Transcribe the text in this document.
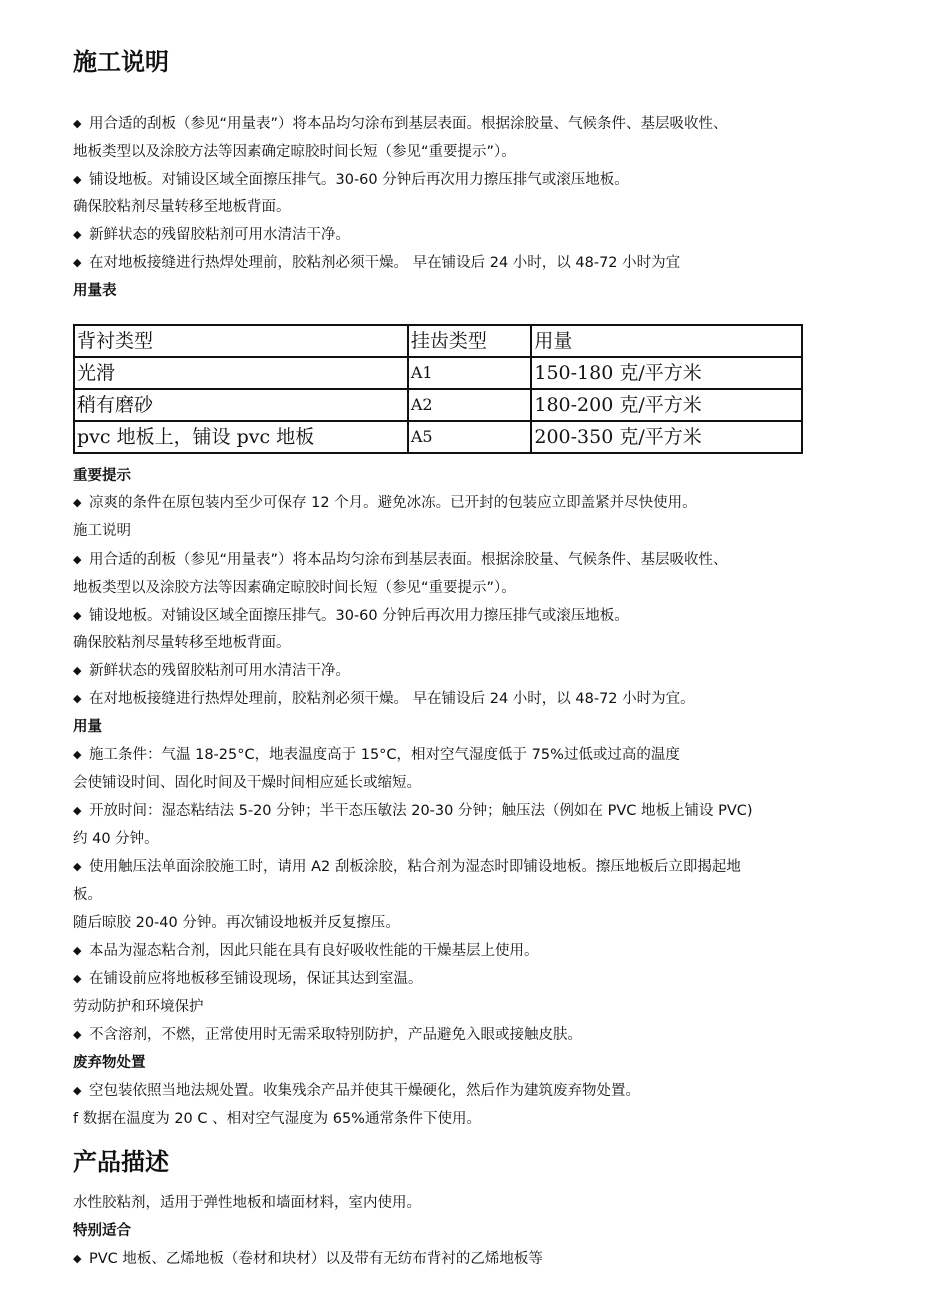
施工说明
◆ 用合适的刮板（参见“用量表”）将本品均匀涂布到基层表面。根据涂胶量、气候条件、基层吸收性、
地板类型以及涂胶方法等因素确定晾胶时间长短（参见“重要提示”）。
◆ 铺设地板。对铺设区域全面擦压排气。30-60 分钟后再次用力擦压排气或滚压地板。
确保胶粘剂尽量转移至地板背面。
◆ 新鲜状态的残留胶粘剂可用水清洁干净。
◆ 在对地板接缝进行热焊处理前，胶粘剂必须干燥。 早在铺设后 24 小时，以 48-72 小时为宜
用量表
背衬类型	挂齿类型	用量
光滑	A1	150-180 克/平方米
稍有磨砂	A2	180-200 克/平方米
pvc 地板上，铺设 pvc 地板	A5	200-350 克/平方米
重要提示
◆ 凉爽的条件在原包装内至少可保存 12 个月。避免冰冻。已开封的包装应立即盖紧并尽快使用。
施工说明
◆ 用合适的刮板（参见“用量表”）将本品均匀涂布到基层表面。根据涂胶量、气候条件、基层吸收性、
地板类型以及涂胶方法等因素确定晾胶时间长短（参见“重要提示”）。
◆ 铺设地板。对铺设区域全面擦压排气。30-60 分钟后再次用力擦压排气或滚压地板。
确保胶粘剂尽量转移至地板背面。
◆ 新鲜状态的残留胶粘剂可用水清洁干净。
◆ 在对地板接缝进行热焊处理前，胶粘剂必须干燥。 早在铺设后 24 小时，以 48-72 小时为宜。
用量
◆ 施工条件：气温 18-25°C，地表温度高于 15°C，相对空气湿度低于 75%过低或过高的温度
会使铺设时间、固化时间及干燥时间相应延长或缩短。
◆ 开放时间：湿态粘结法 5-20 分钟；半干态压敏法 20-30 分钟；触压法（例如在 PVC 地板上铺设 PVC)
约 40 分钟。
◆ 使用触压法单面涂胶施工时，请用 A2 刮板涂胶，粘合剂为湿态时即铺设地板。擦压地板后立即揭起地
板。
随后晾胶 20-40 分钟。再次铺设地板并反复擦压。
◆ 本品为湿态粘合剂，因此只能在具有良好吸收性能的干燥基层上使用。
◆ 在铺设前应将地板移至铺设现场，保证其达到室温。
劳动防护和环境保护
◆ 不含溶剂，不燃，正常使用时无需采取特别防护，产品避免入眼或接触皮肤。
废弃物处置
◆ 空包装依照当地法规处置。收集残余产品并使其干燥硬化，然后作为建筑废弃物处置。
f 数据在温度为 20 C 、相对空气湿度为 65%通常条件下使用。
产品描述
水性胶粘剂，适用于弹性地板和墙面材料，室内使用。
特别适合
◆ PVC 地板、乙烯地板（卷材和块材）以及带有无纺布背衬的乙烯地板等
